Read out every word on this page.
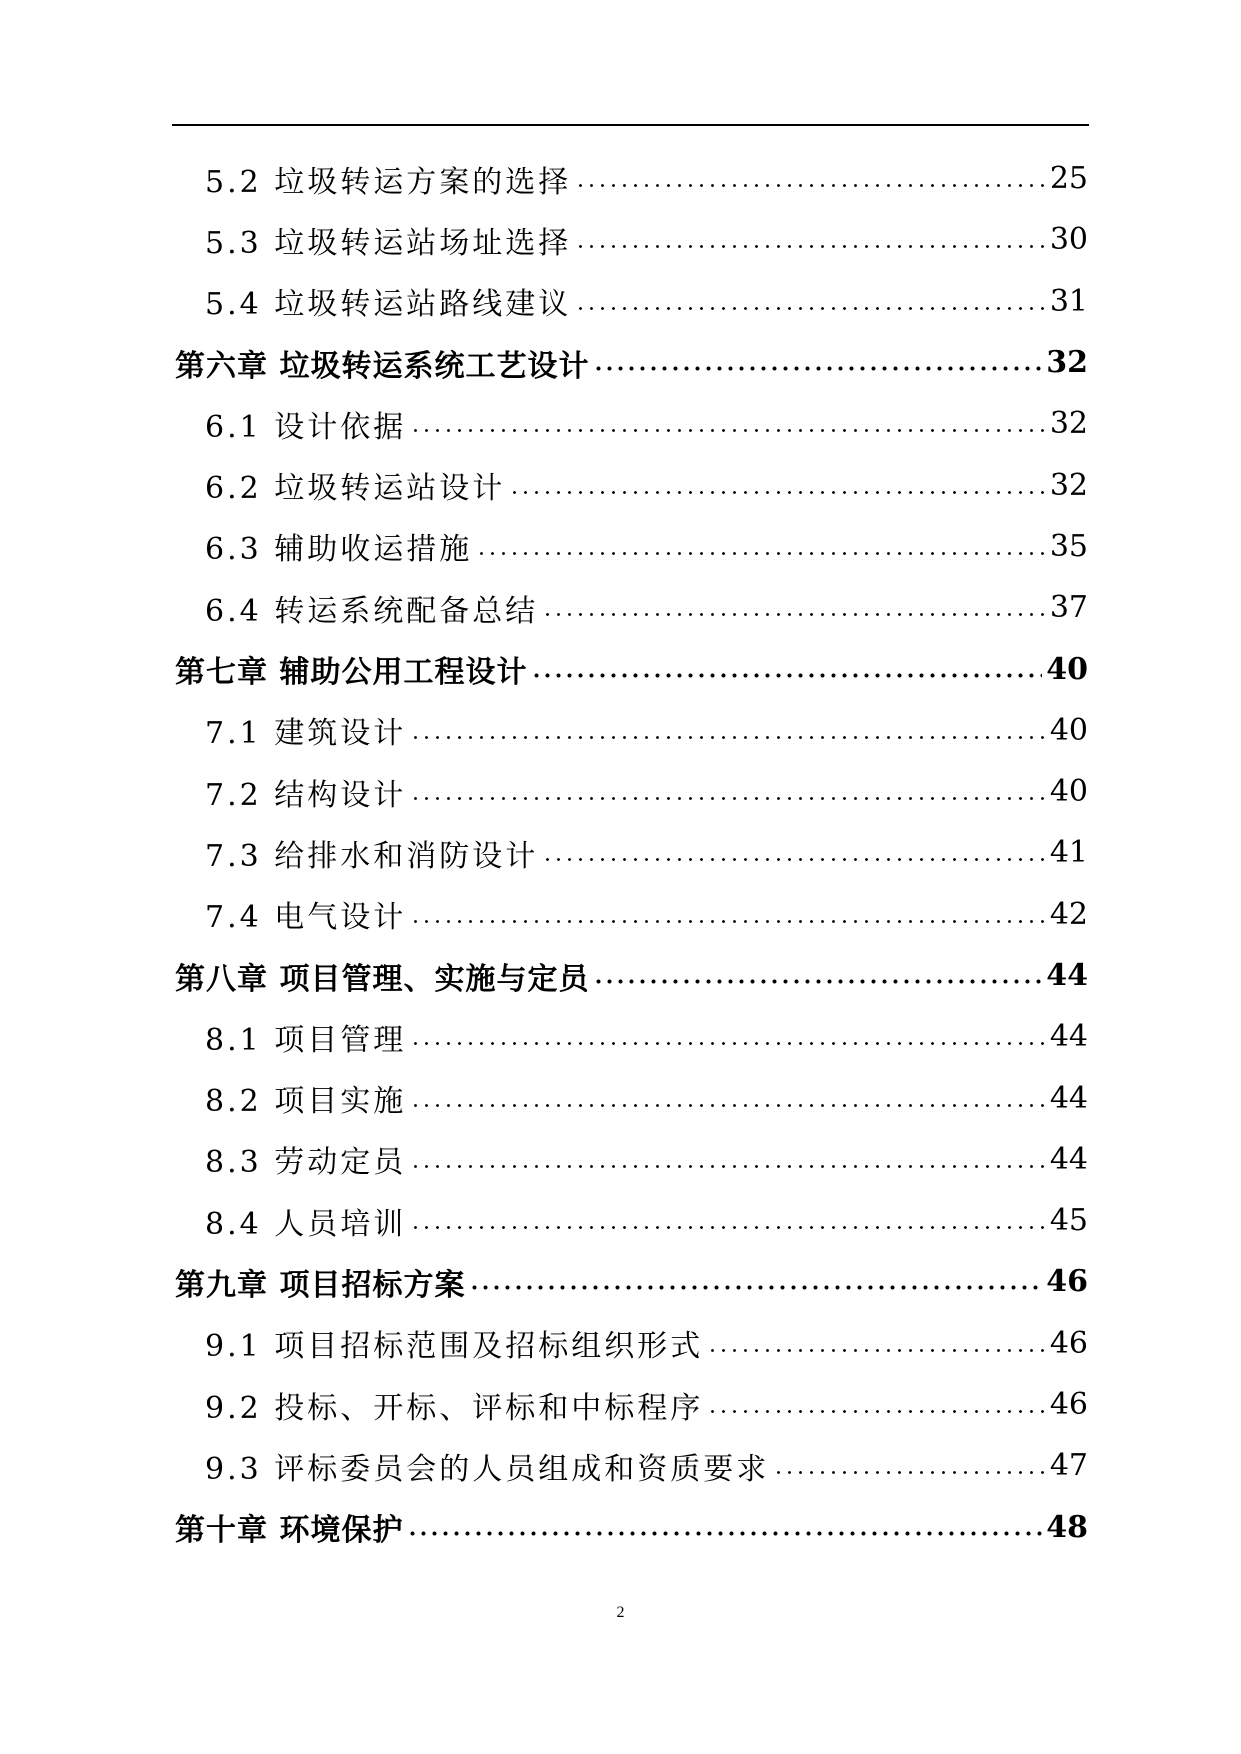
5.2 垃圾转运方案的选择	25
5.3 垃圾转运站场址选择	30
5.4 垃圾转运站路线建议	31
第六章 垃圾转运系统工艺设计	32
6.1 设计依据	32
6.2 垃圾转运站设计	32
6.3 辅助收运措施	35
6.4 转运系统配备总结	37
第七章 辅助公用工程设计	40
7.1 建筑设计	40
7.2 结构设计	40
7.3 给排水和消防设计	41
7.4 电气设计	42
第八章 项目管理、实施与定员	44
8.1 项目管理	44
8.2 项目实施	44
8.3 劳动定员	44
8.4 人员培训	45
第九章 项目招标方案	46
9.1 项目招标范围及招标组织形式	46
9.2 投标、开标、评标和中标程序	46
9.3 评标委员会的人员组成和资质要求	47
第十章 环境保护	48
2
